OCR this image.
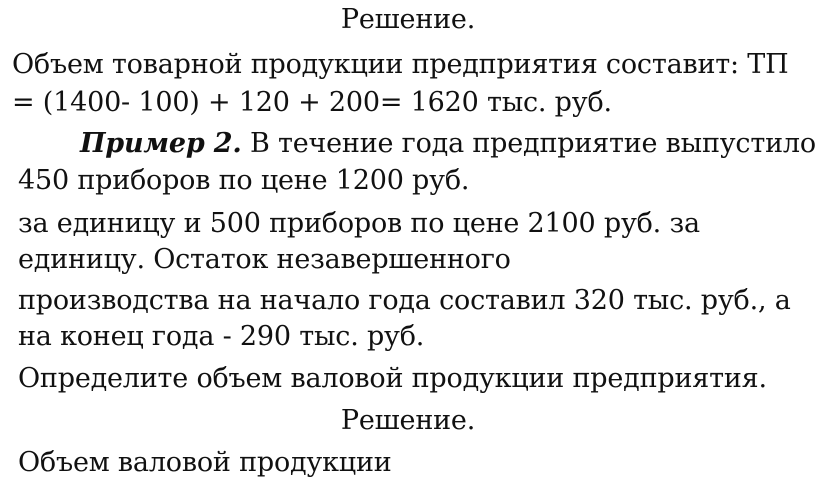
Решение.
Объем товарной продукции предприятия составит: ТП
= (1400- 100) + 120 + 200= 1620 тыс. руб.
Пример 2. В течение года предприятие выпустило
450 приборов по цене 1200 руб.
за единицу и 500 приборов по цене 2100 руб. за
единицу. Остаток незавершенного
производства на начало года составил 320 тыс. руб., а
на конец года - 290 тыс. руб.
Определите объем валовой продукции предприятия.
Решение.
Объем валовой продукции
